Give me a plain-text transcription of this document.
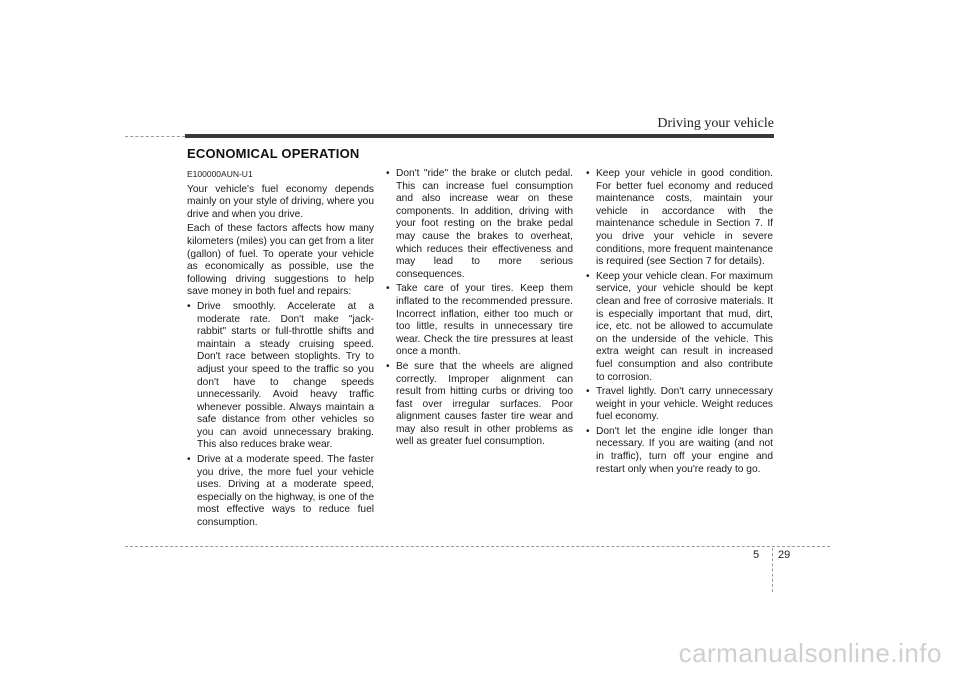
Driving your vehicle
ECONOMICAL OPERATION

E100000AUN-U1

Your vehicle's fuel economy depends mainly on your style of driving, where you drive and when you drive.

Each of these factors affects how many kilometers (miles) you can get from a liter (gallon) of fuel. To operate your vehicle as economically as possible, use the following driving suggestions to help save money in both fuel and repairs:

• Drive smoothly. Accelerate at a moderate rate. Don't make "jack-rabbit" starts or full-throttle shifts and maintain a steady cruising speed. Don't race between stoplights. Try to adjust your speed to the traffic so you don't have to change speeds unnecessarily. Avoid heavy traffic whenever possible. Always maintain a safe distance from other vehicles so you can avoid unnecessary braking. This also reduces brake wear.
• Drive at a moderate speed. The faster you drive, the more fuel your vehicle uses. Driving at a moderate speed, especially on the highway, is one of the most effective ways to reduce fuel consumption.
• Don't "ride" the brake or clutch pedal. This can increase fuel consumption and also increase wear on these components. In addition, driving with your foot resting on the brake pedal may cause the brakes to overheat, which reduces their effectiveness and may lead to more serious consequences.
• Take care of your tires. Keep them inflated to the recommended pressure. Incorrect inflation, either too much or too little, results in unnecessary tire wear. Check the tire pressures at least once a month.
• Be sure that the wheels are aligned correctly. Improper alignment can result from hitting curbs or driving too fast over irregular surfaces. Poor alignment causes faster tire wear and may also result in other problems as well as greater fuel consumption.
• Keep your vehicle in good condition. For better fuel economy and reduced maintenance costs, maintain your vehicle in accordance with the maintenance schedule in Section 7. If you drive your vehicle in severe conditions, more frequent maintenance is required (see Section 7 for details).
• Keep your vehicle clean. For maximum service, your vehicle should be kept clean and free of corrosive materials. It is especially important that mud, dirt, ice, etc. not be allowed to accumulate on the underside of the vehicle. This extra weight can result in increased fuel consumption and also contribute to corrosion.
• Travel lightly. Don't carry unnecessary weight in your vehicle. Weight reduces fuel economy.
• Don't let the engine idle longer than necessary. If you are waiting (and not in traffic), turn off your engine and restart only when you're ready to go.
5 29
carmanualsonline.info
